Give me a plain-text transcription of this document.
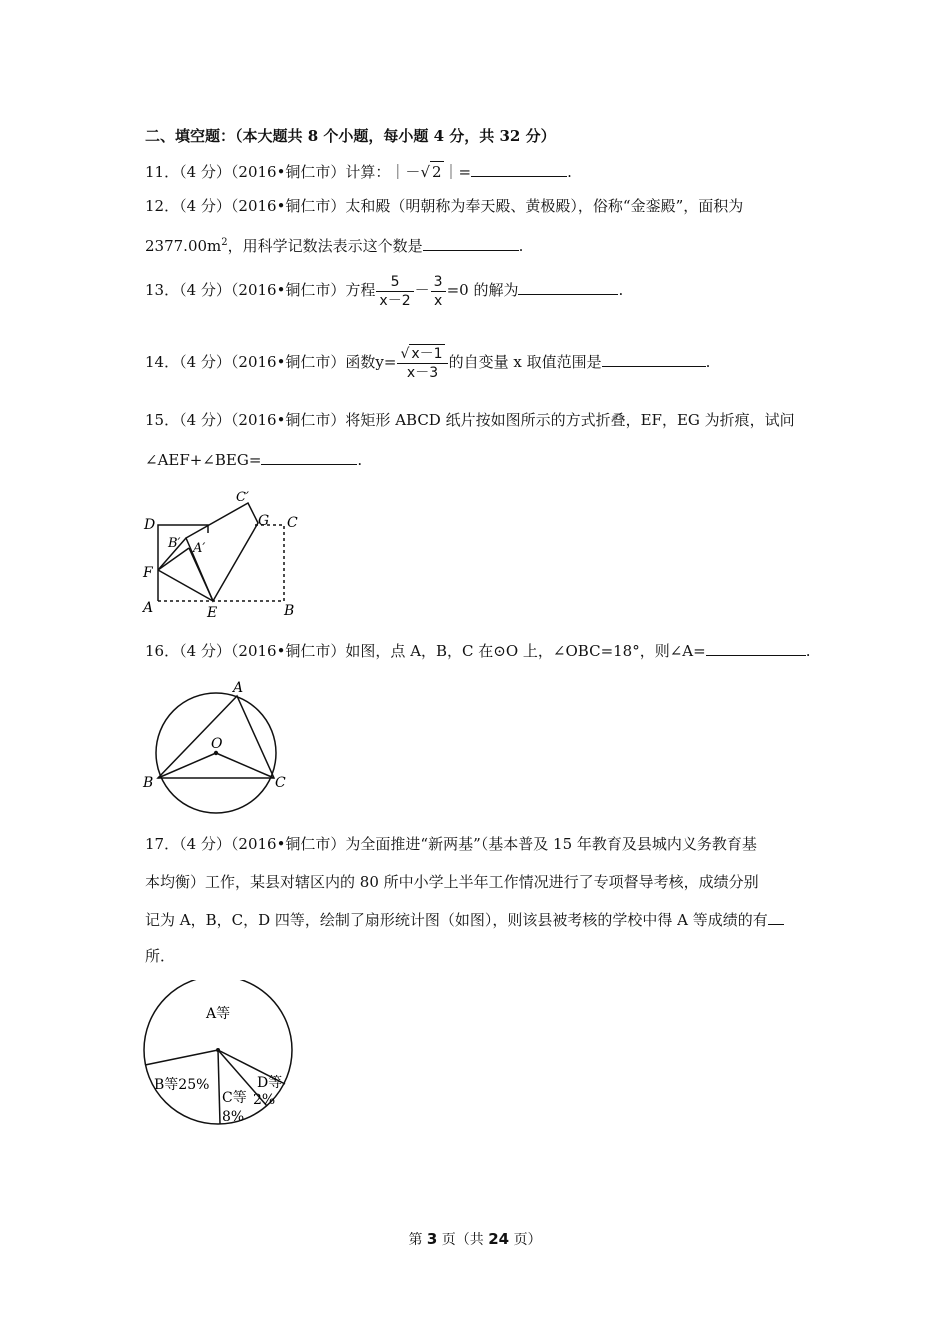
二、填空题：（本大题共 8 个小题，每小题 4 分，共 32 分）
11．（4 分）（2016•铜仁市）计算：｜－√ 2 ｜=	.
12．（4 分）（2016•铜仁市）太和殿（明朝称为奉天殿、黄极殿），俗称“金銮殿”，面积为
$2377.00m^2$，用科学记数法表示这个数是	.
13．（4 分）（2016•铜仁市）方程 $\frac{5}{x-2} - \frac{3}{x} =0$ 的解为	.
14．（4 分）（2016•铜仁市）函数$y= \frac{√ x-1}{x-3}$ 的自变量 x 取值范围是	.
15．（4 分）（2016•铜仁市）将矩形 ABCD 纸片按如图所示的方式折叠，EF，EG 为折痕，试问
∠AEF+∠BEG=	.
D
C′
G C
B′ A′
F
A	E	B
16．（4 分）（2016•铜仁市）如图，点 A，B，C 在⊙O 上，∠OBC=18°，则∠A=	.
A
O
B	C
17．（4 分）（2016•铜仁市）为全面推进“新两基”（基本普及 15 年教育及县城内义务教育基
本均衡）工作，某县对辖区内的 80 所中小学上半年工作情况进行了专项督导考核，成绩分别
记为 A，B，C，D 四等，绘制了扇形统计图（如图），则该县被考核的学校中得 A 等成绩的有
所．
A等
B等25%
C等
8%
D等
2%
第 3 页（共 24 页）
